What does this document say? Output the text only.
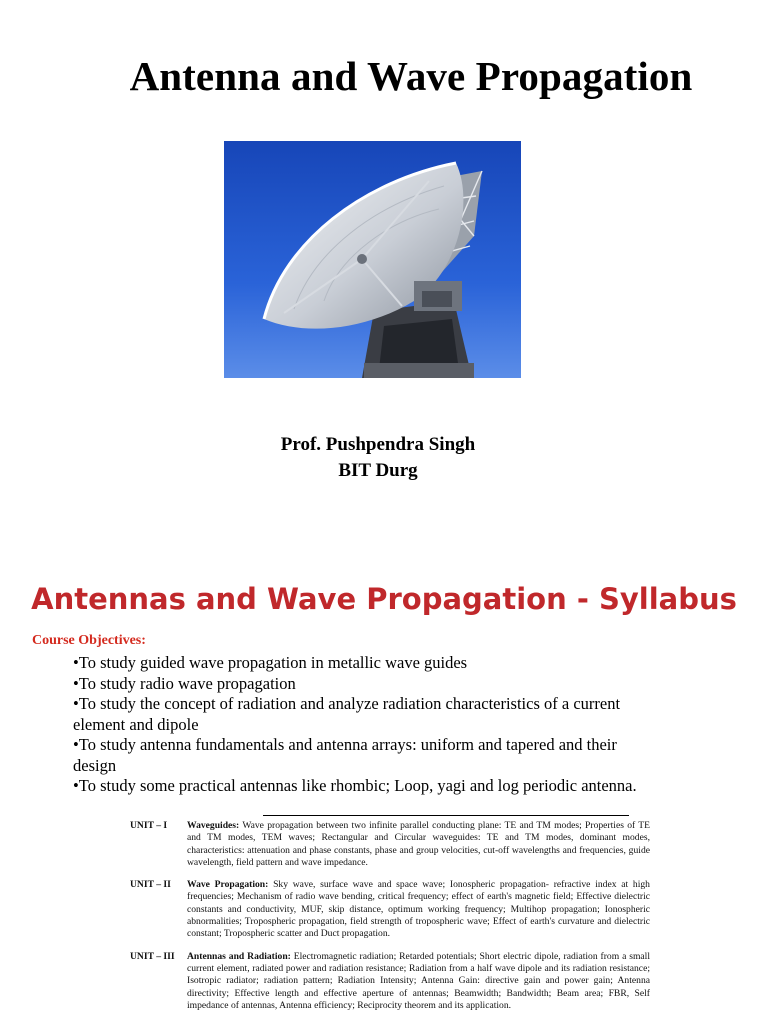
Antenna and Wave Propagation
Prof. Pushpendra Singh
BIT Durg
Antennas and Wave Propagation - Syllabus
Course Objectives:
•To study guided wave propagation in metallic wave guides
•To study radio wave propagation
•To study the concept of radiation and analyze radiation characteristics of a current element and dipole
•To study antenna fundamentals and antenna arrays: uniform and tapered and their design
•To study some practical antennas like rhombic; Loop, yagi and log periodic antenna.
UNIT – I	Waveguides: Wave propagation between two infinite parallel conducting plane: TE and TM modes; Properties of TE and TM modes, TEM waves; Rectangular and Circular waveguides: TE and TM modes, dominant modes, characteristics: attenuation and phase constants, phase and group velocities, cut-off wavelengths and frequencies, guide wavelength, field pattern and wave impedance.
UNIT – II	Wave Propagation: Sky wave, surface wave and space wave; Ionospheric propagation- refractive index at high frequencies; Mechanism of radio wave bending, critical frequency; effect of earth's magnetic field; Effective dielectric constants and conductivity, MUF, skip distance, optimum working frequency; Multihop propagation; Ionospheric abnormalities; Tropospheric propagation, field strength of tropospheric wave; Effect of earth's curvature and dielectric constant; Tropospheric scatter and Duct propagation.
UNIT – III	Antennas and Radiation: Electromagnetic radiation; Retarded potentials; Short electric dipole, radiation from a small current element, radiated power and radiation resistance; Radiation from a half wave dipole and its radiation resistance; Isotropic radiator; radiation pattern; Radiation Intensity; Antenna Gain: directive gain and power gain; Antenna directivity; Effective length and effective aperture of antennas; Beamwidth; Bandwidth; Beam area; FBR, Self impedance of antennas, Antenna efficiency; Reciprocity theorem and its application.
